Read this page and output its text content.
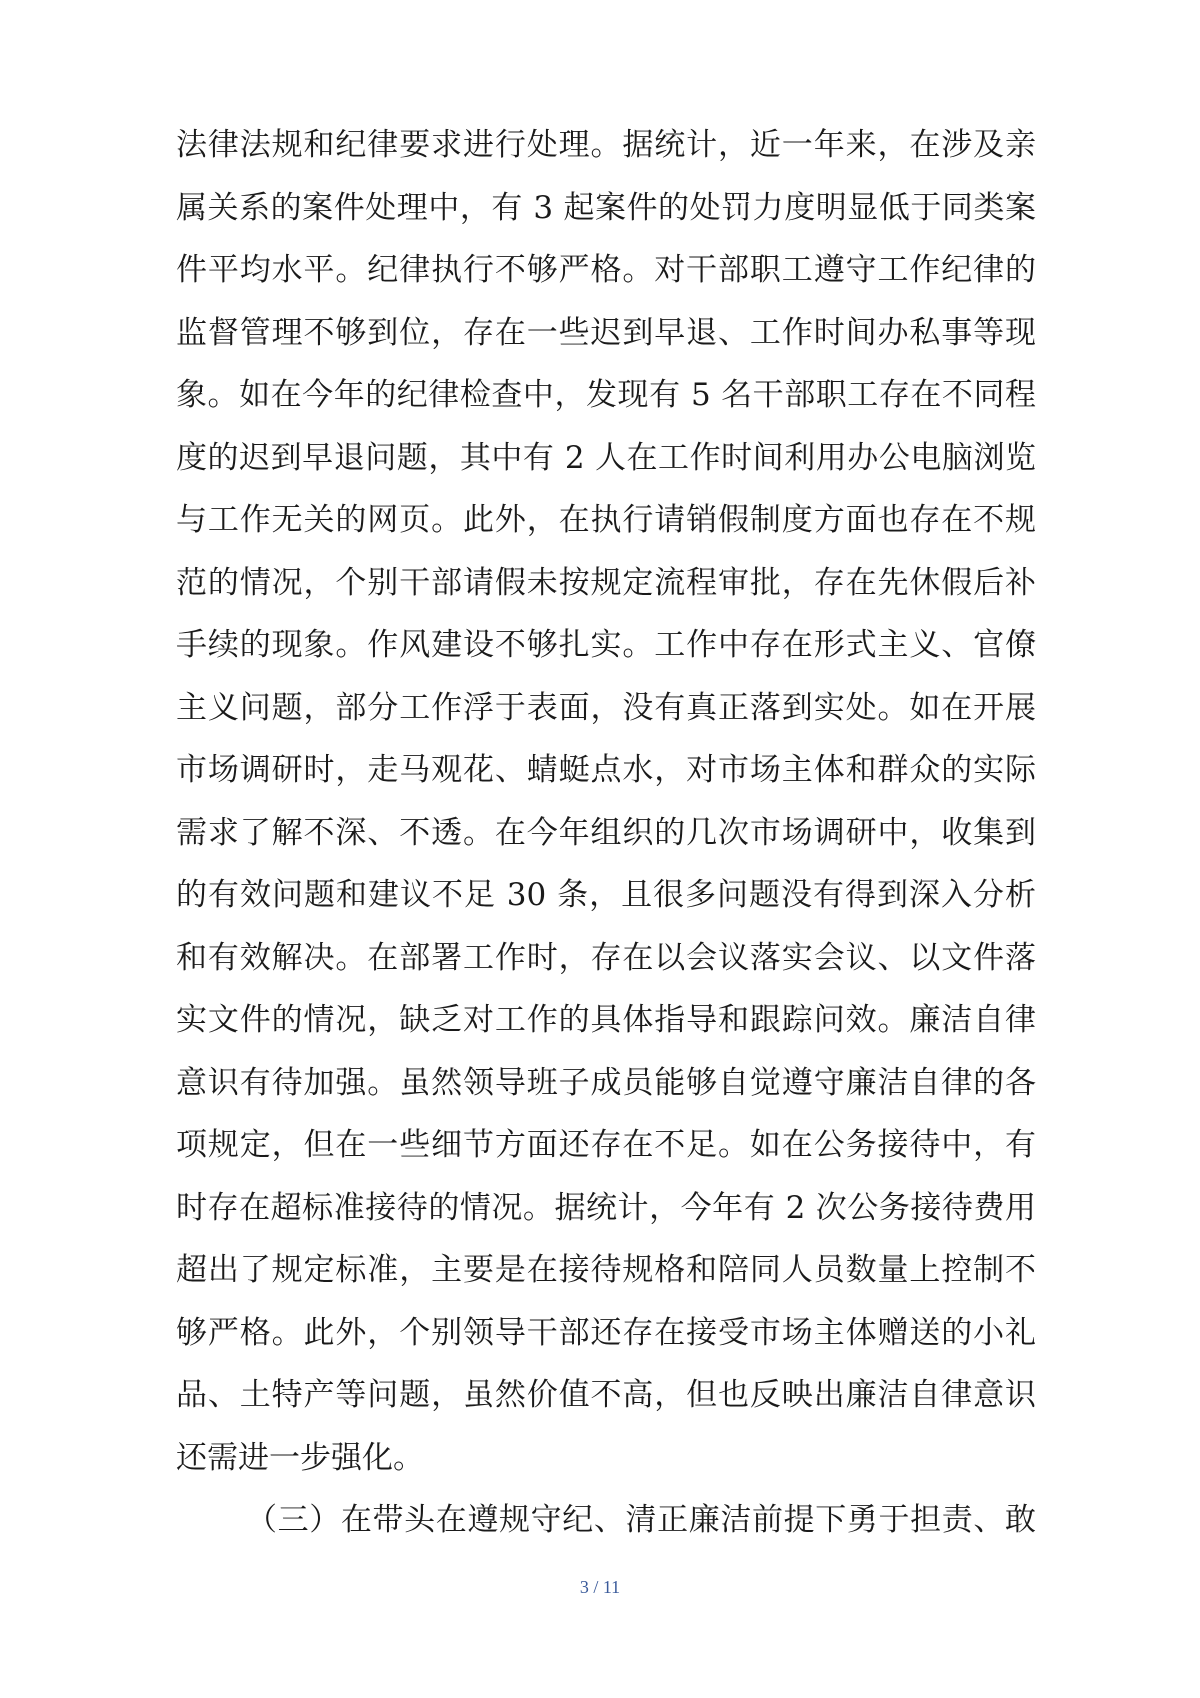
法律法规和纪律要求进行处理。据统计，近一年来，在涉及亲
属关系的案件处理中，有 3 起案件的处罚力度明显低于同类案
件平均水平。纪律执行不够严格。对干部职工遵守工作纪律的
监督管理不够到位，存在一些迟到早退、工作时间办私事等现
象。如在今年的纪律检查中，发现有 5 名干部职工存在不同程
度的迟到早退问题，其中有 2 人在工作时间利用办公电脑浏览
与工作无关的网页。此外，在执行请销假制度方面也存在不规
范的情况，个别干部请假未按规定流程审批，存在先休假后补
手续的现象。作风建设不够扎实。工作中存在形式主义、官僚
主义问题，部分工作浮于表面，没有真正落到实处。如在开展
市场调研时，走马观花、蜻蜓点水，对市场主体和群众的实际
需求了解不深、不透。在今年组织的几次市场调研中，收集到
的有效问题和建议不足 30 条，且很多问题没有得到深入分析
和有效解决。在部署工作时，存在以会议落实会议、以文件落
实文件的情况，缺乏对工作的具体指导和跟踪问效。廉洁自律
意识有待加强。虽然领导班子成员能够自觉遵守廉洁自律的各
项规定，但在一些细节方面还存在不足。如在公务接待中，有
时存在超标准接待的情况。据统计，今年有 2 次公务接待费用
超出了规定标准，主要是在接待规格和陪同人员数量上控制不
够严格。此外，个别领导干部还存在接受市场主体赠送的小礼
品、土特产等问题，虽然价值不高，但也反映出廉洁自律意识
还需进一步强化。
（三）在带头在遵规守纪、清正廉洁前提下勇于担责、敢
3 / 11
